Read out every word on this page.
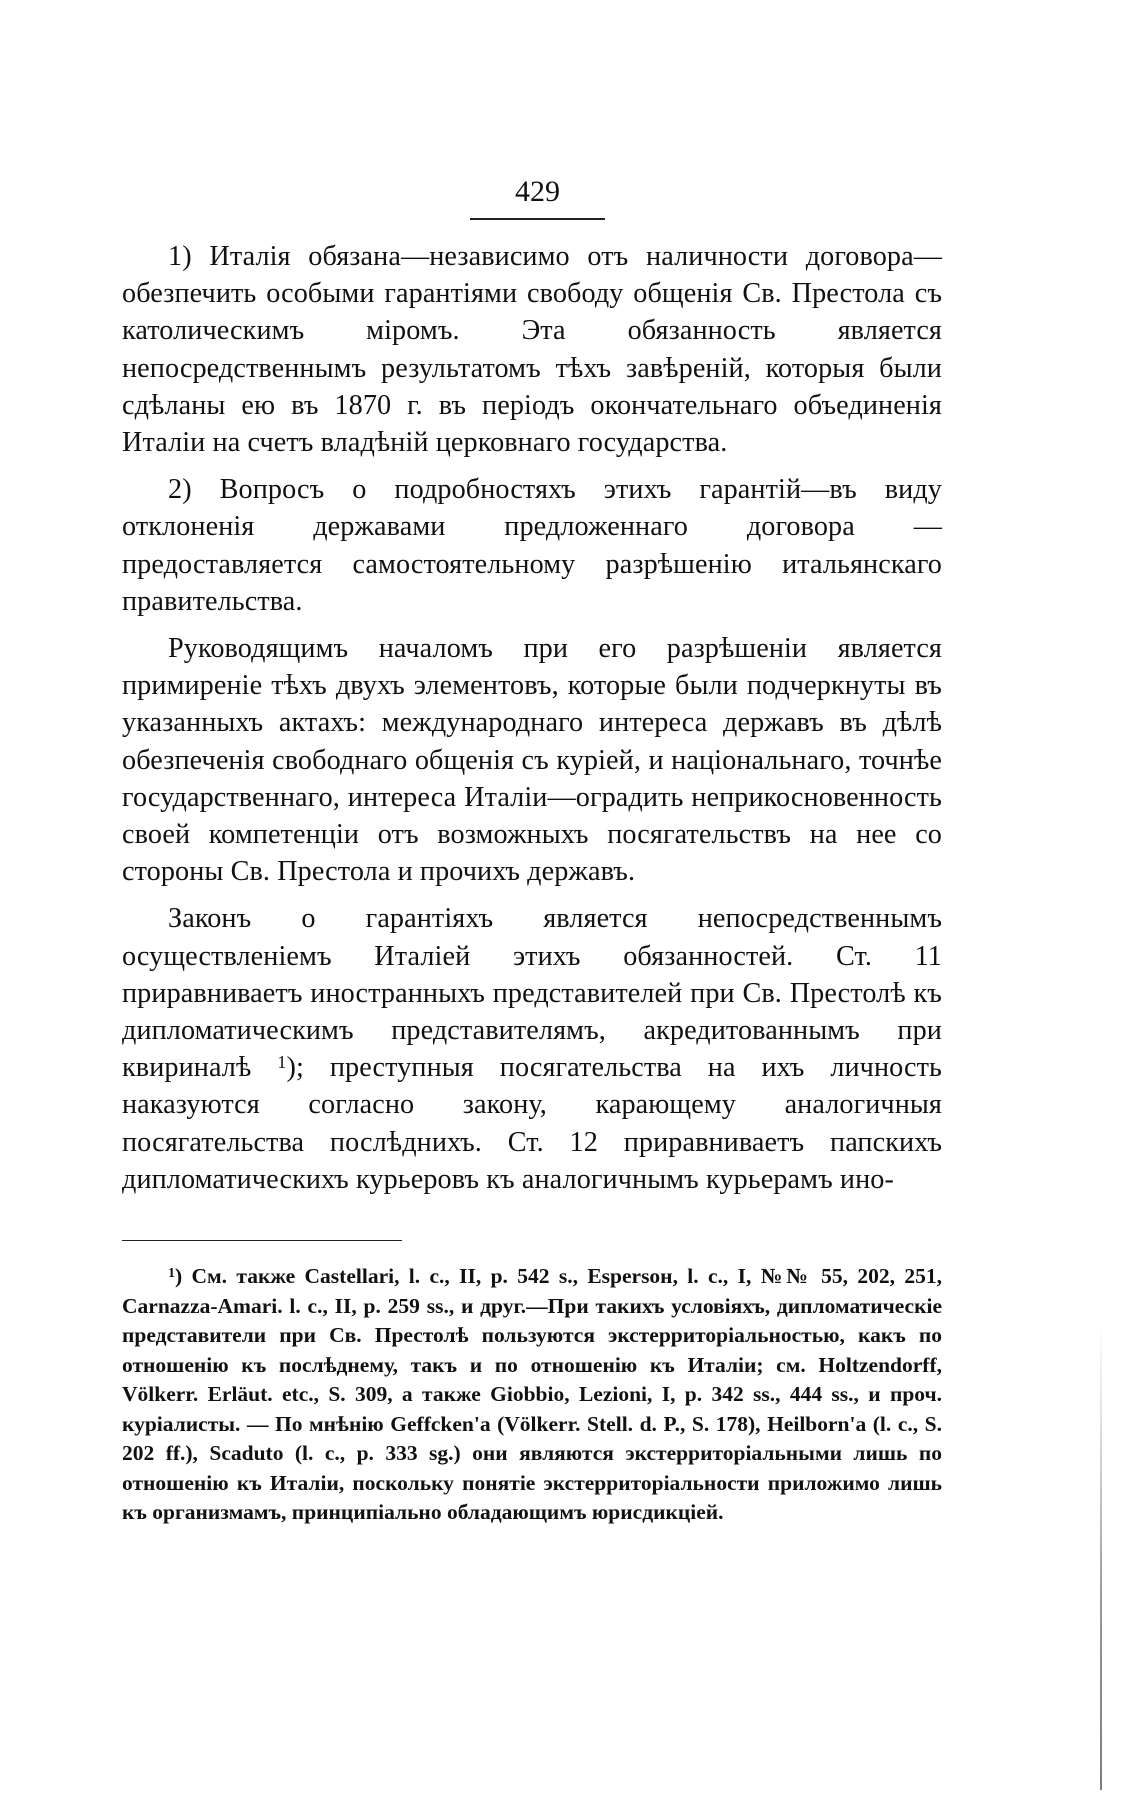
429

1) Италія обязана—независимо отъ наличности договора—обезпечить особыми гарантіями свободу общенія Св. Престола съ католическимъ міромъ. Эта обязанность является непосредственнымъ результатомъ тѣхъ завѣреній, которыя были сдѣланы ею въ 1870 г. въ періодъ окончательнаго объединенія Италіи на счетъ владѣній церковнаго государства.

2) Вопросъ о подробностяхъ этихъ гарантій—въ виду отклоненія державами предложеннаго договора — предоставляется самостоятельному разрѣшенію итальянскаго правительства.

Руководящимъ началомъ при его разрѣшеніи является примиреніе тѣхъ двухъ элементовъ, которые были подчеркнуты въ указанныхъ актахъ: международнаго интереса державъ въ дѣлѣ обезпеченія свободнаго общенія съ куріей, и національнаго, точнѣе государственнаго, интереса Италіи—оградить неприкосновенность своей компетенціи отъ возможныхъ посягательствъ на нее со стороны Св. Престола и прочихъ державъ.

Законъ о гарантіяхъ является непосредственнымъ осуществленіемъ Италіей этихъ обязанностей. Ст. 11 приравниваетъ иностранныхъ представителей при Св. Престолѣ къ дипломатическимъ представителямъ, акредитованнымъ при квириналѣ $^1$); преступныя посягательства на ихъ личность наказуются согласно закону, карающему аналогичныя посягательства послѣднихъ. Ст. 12 приравниваетъ папскихъ дипломатическихъ курьеровъ къ аналогичнымъ курьерамъ ино-

$^1$) См. также Castellari, l. c., II, p. 542 s., Espersoн, l. c., I, №№ 55, 202, 251, Carnazza-Amari. l. c., II, p. 259 ss., и друг.—При такихъ условіяхъ, дипломатическіе представители при Св. Престолѣ пользуются экстерриторіальностью, какъ по отношенію къ послѣднему, такъ и по отношенію къ Италіи; см. Holtzendorff, Völkerr. Erläut. etc., S. 309, а также Giobbio, Lezioni, I, p. 342 ss., 444 ss., и проч. куріалисты. — По мнѣнію Geffcken'а (Völkerr. Stell. d. P., S. 178), Heilborn'а (l. c., S. 202 ff.), Scaduto (l. c., p. 333 sg.) они являются экстерриторіальными лишь по отношенію къ Италіи, поскольку понятіе экстерриторіальности приложимо лишь къ организмамъ, принципіально обладающимъ юрисдикціей.
